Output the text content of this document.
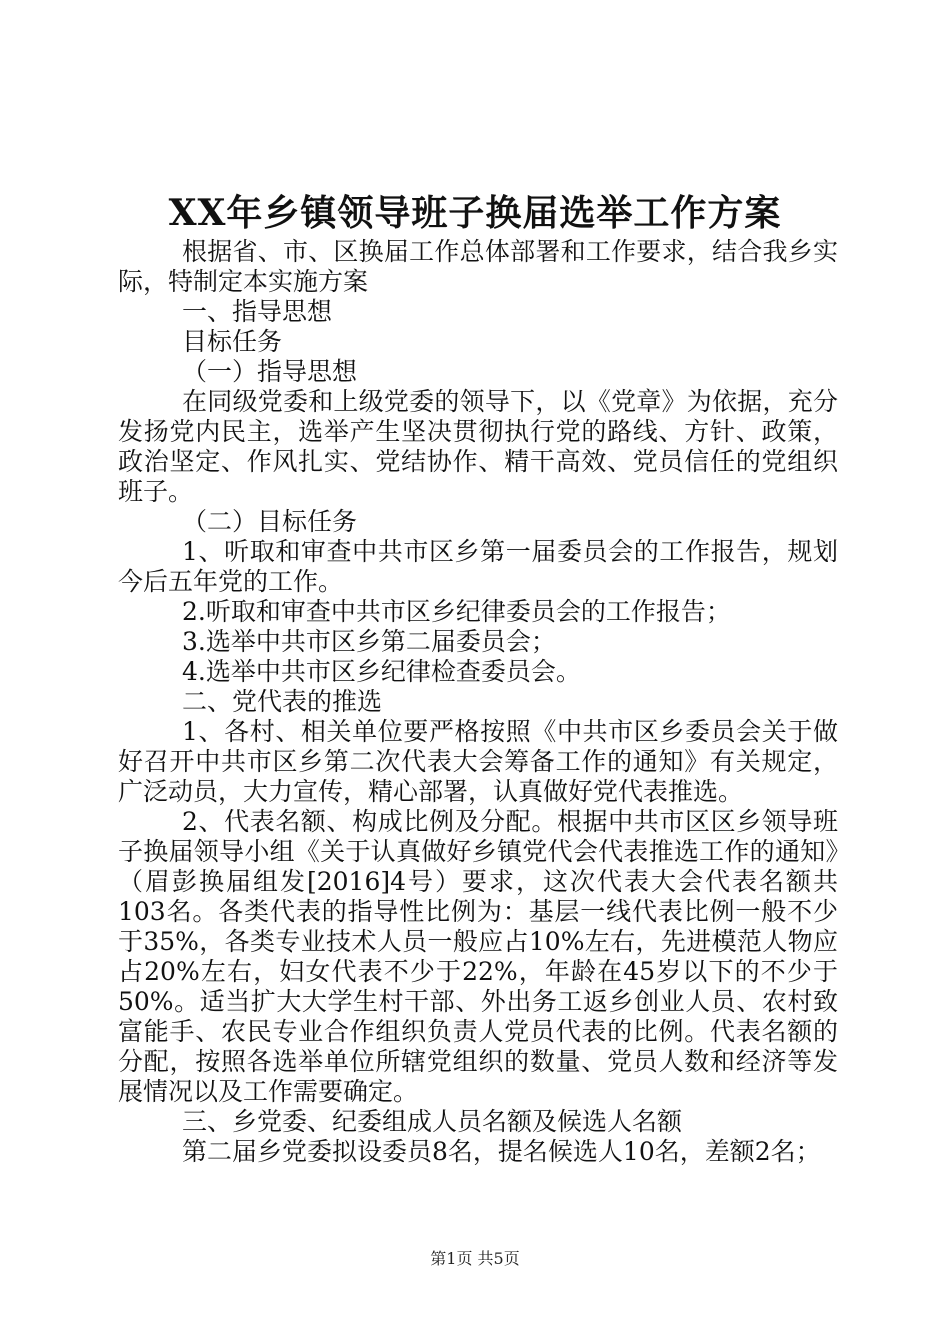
XX年乡镇领导班子换届选举工作方案

根据省、市、区换届工作总体部署和工作要求，结合我乡实际，特制定本实施方案

一、指导思想

目标任务

（一）指导思想

在同级党委和上级党委的领导下，以《党章》为依据，充分发扬党内民主，选举产生坚决贯彻执行党的路线、方针、政策，政治坚定、作风扎实、党结协作、精干高效、党员信任的党组织班子。

（二）目标任务

1、听取和审查中共市区乡第一届委员会的工作报告，规划今后五年党的工作。

2.听取和审查中共市区乡纪律委员会的工作报告；

3.选举中共市区乡第二届委员会；

4.选举中共市区乡纪律检查委员会。

二、党代表的推选

1、各村、相关单位要严格按照《中共市区乡委员会关于做好召开中共市区乡第二次代表大会筹备工作的通知》有关规定，广泛动员，大力宣传，精心部署，认真做好党代表推选。

2、代表名额、构成比例及分配。根据中共市区区乡领导班子换届领导小组《关于认真做好乡镇党代会代表推选工作的通知》（眉彭换届组发[2016]4号）要求，这次代表大会代表名额共103名。各类代表的指导性比例为：基层一线代表比例一般不少于35%，各类专业技术人员一般应占10%左右，先进模范人物应占20%左右，妇女代表不少于22%，年龄在45岁以下的不少于50%。适当扩大大学生村干部、外出务工返乡创业人员、农村致富能手、农民专业合作组织负责人党员代表的比例。代表名额的分配，按照各选举单位所辖党组织的数量、党员人数和经济等发展情况以及工作需要确定。

三、乡党委、纪委组成人员名额及候选人名额

第二届乡党委拟设委员8名，提名候选人10名，差额2名；

第1页 共5页
